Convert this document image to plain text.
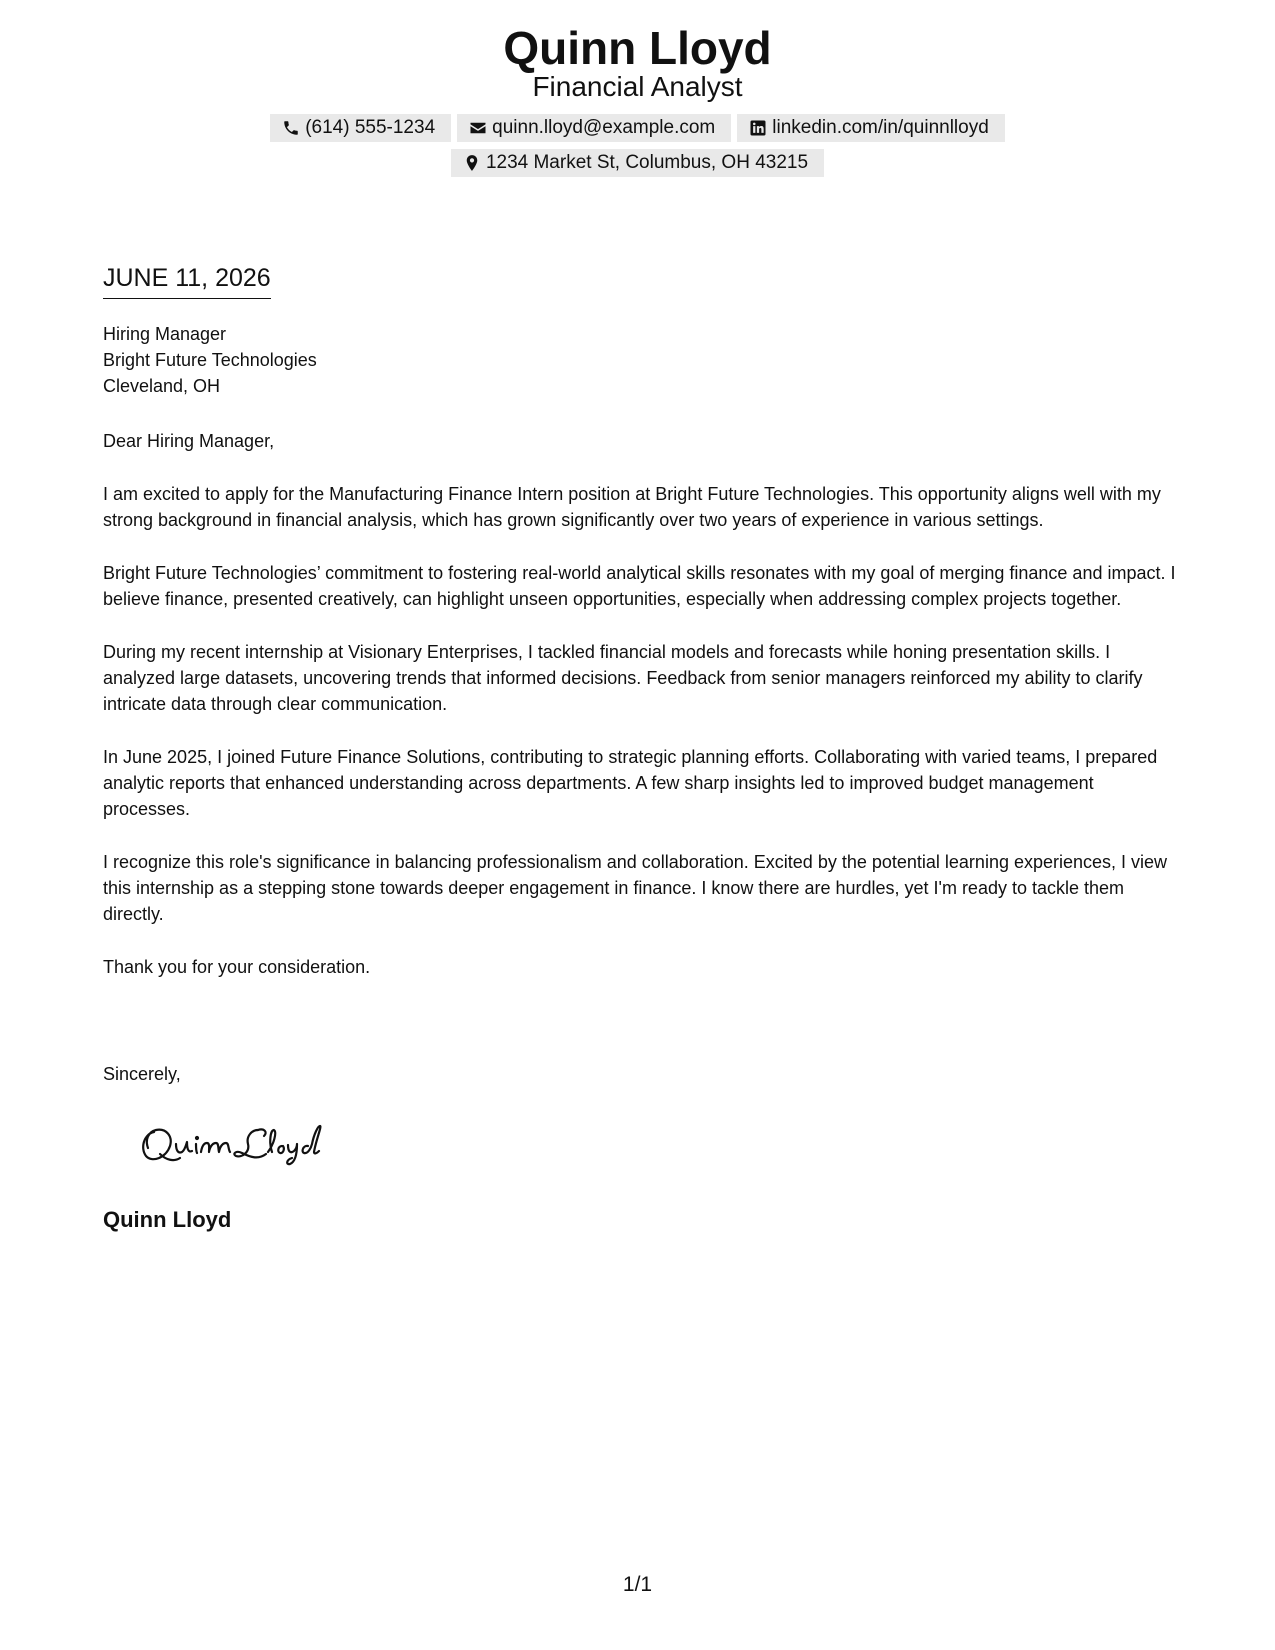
Quinn Lloyd
Financial Analyst
(614) 555-1234	quinn.lloyd@example.com	linkedin.com/in/quinnlloyd
1234 Market St, Columbus, OH 43215
JUNE 11, 2026
Hiring Manager
Bright Future Technologies
Cleveland, OH
Dear Hiring Manager,

I am excited to apply for the Manufacturing Finance Intern position at Bright Future Technologies. This opportunity aligns well with my strong background in financial analysis, which has grown significantly over two years of experience in various settings.

Bright Future Technologies’ commitment to fostering real-world analytical skills resonates with my goal of merging finance and impact. I believe finance, presented creatively, can highlight unseen opportunities, especially when addressing complex projects together.

During my recent internship at Visionary Enterprises, I tackled financial models and forecasts while honing presentation skills. I analyzed large datasets, uncovering trends that informed decisions. Feedback from senior managers reinforced my ability to clarify intricate data through clear communication.

In June 2025, I joined Future Finance Solutions, contributing to strategic planning efforts. Collaborating with varied teams, I prepared analytic reports that enhanced understanding across departments. A few sharp insights led to improved budget management processes.

I recognize this role's significance in balancing professionalism and collaboration. Excited by the potential learning experiences, I view this internship as a stepping stone towards deeper engagement in finance. I know there are hurdles, yet I'm ready to tackle them directly.

Thank you for your consideration.

Sincerely,
Quinn Lloyd
1/1
